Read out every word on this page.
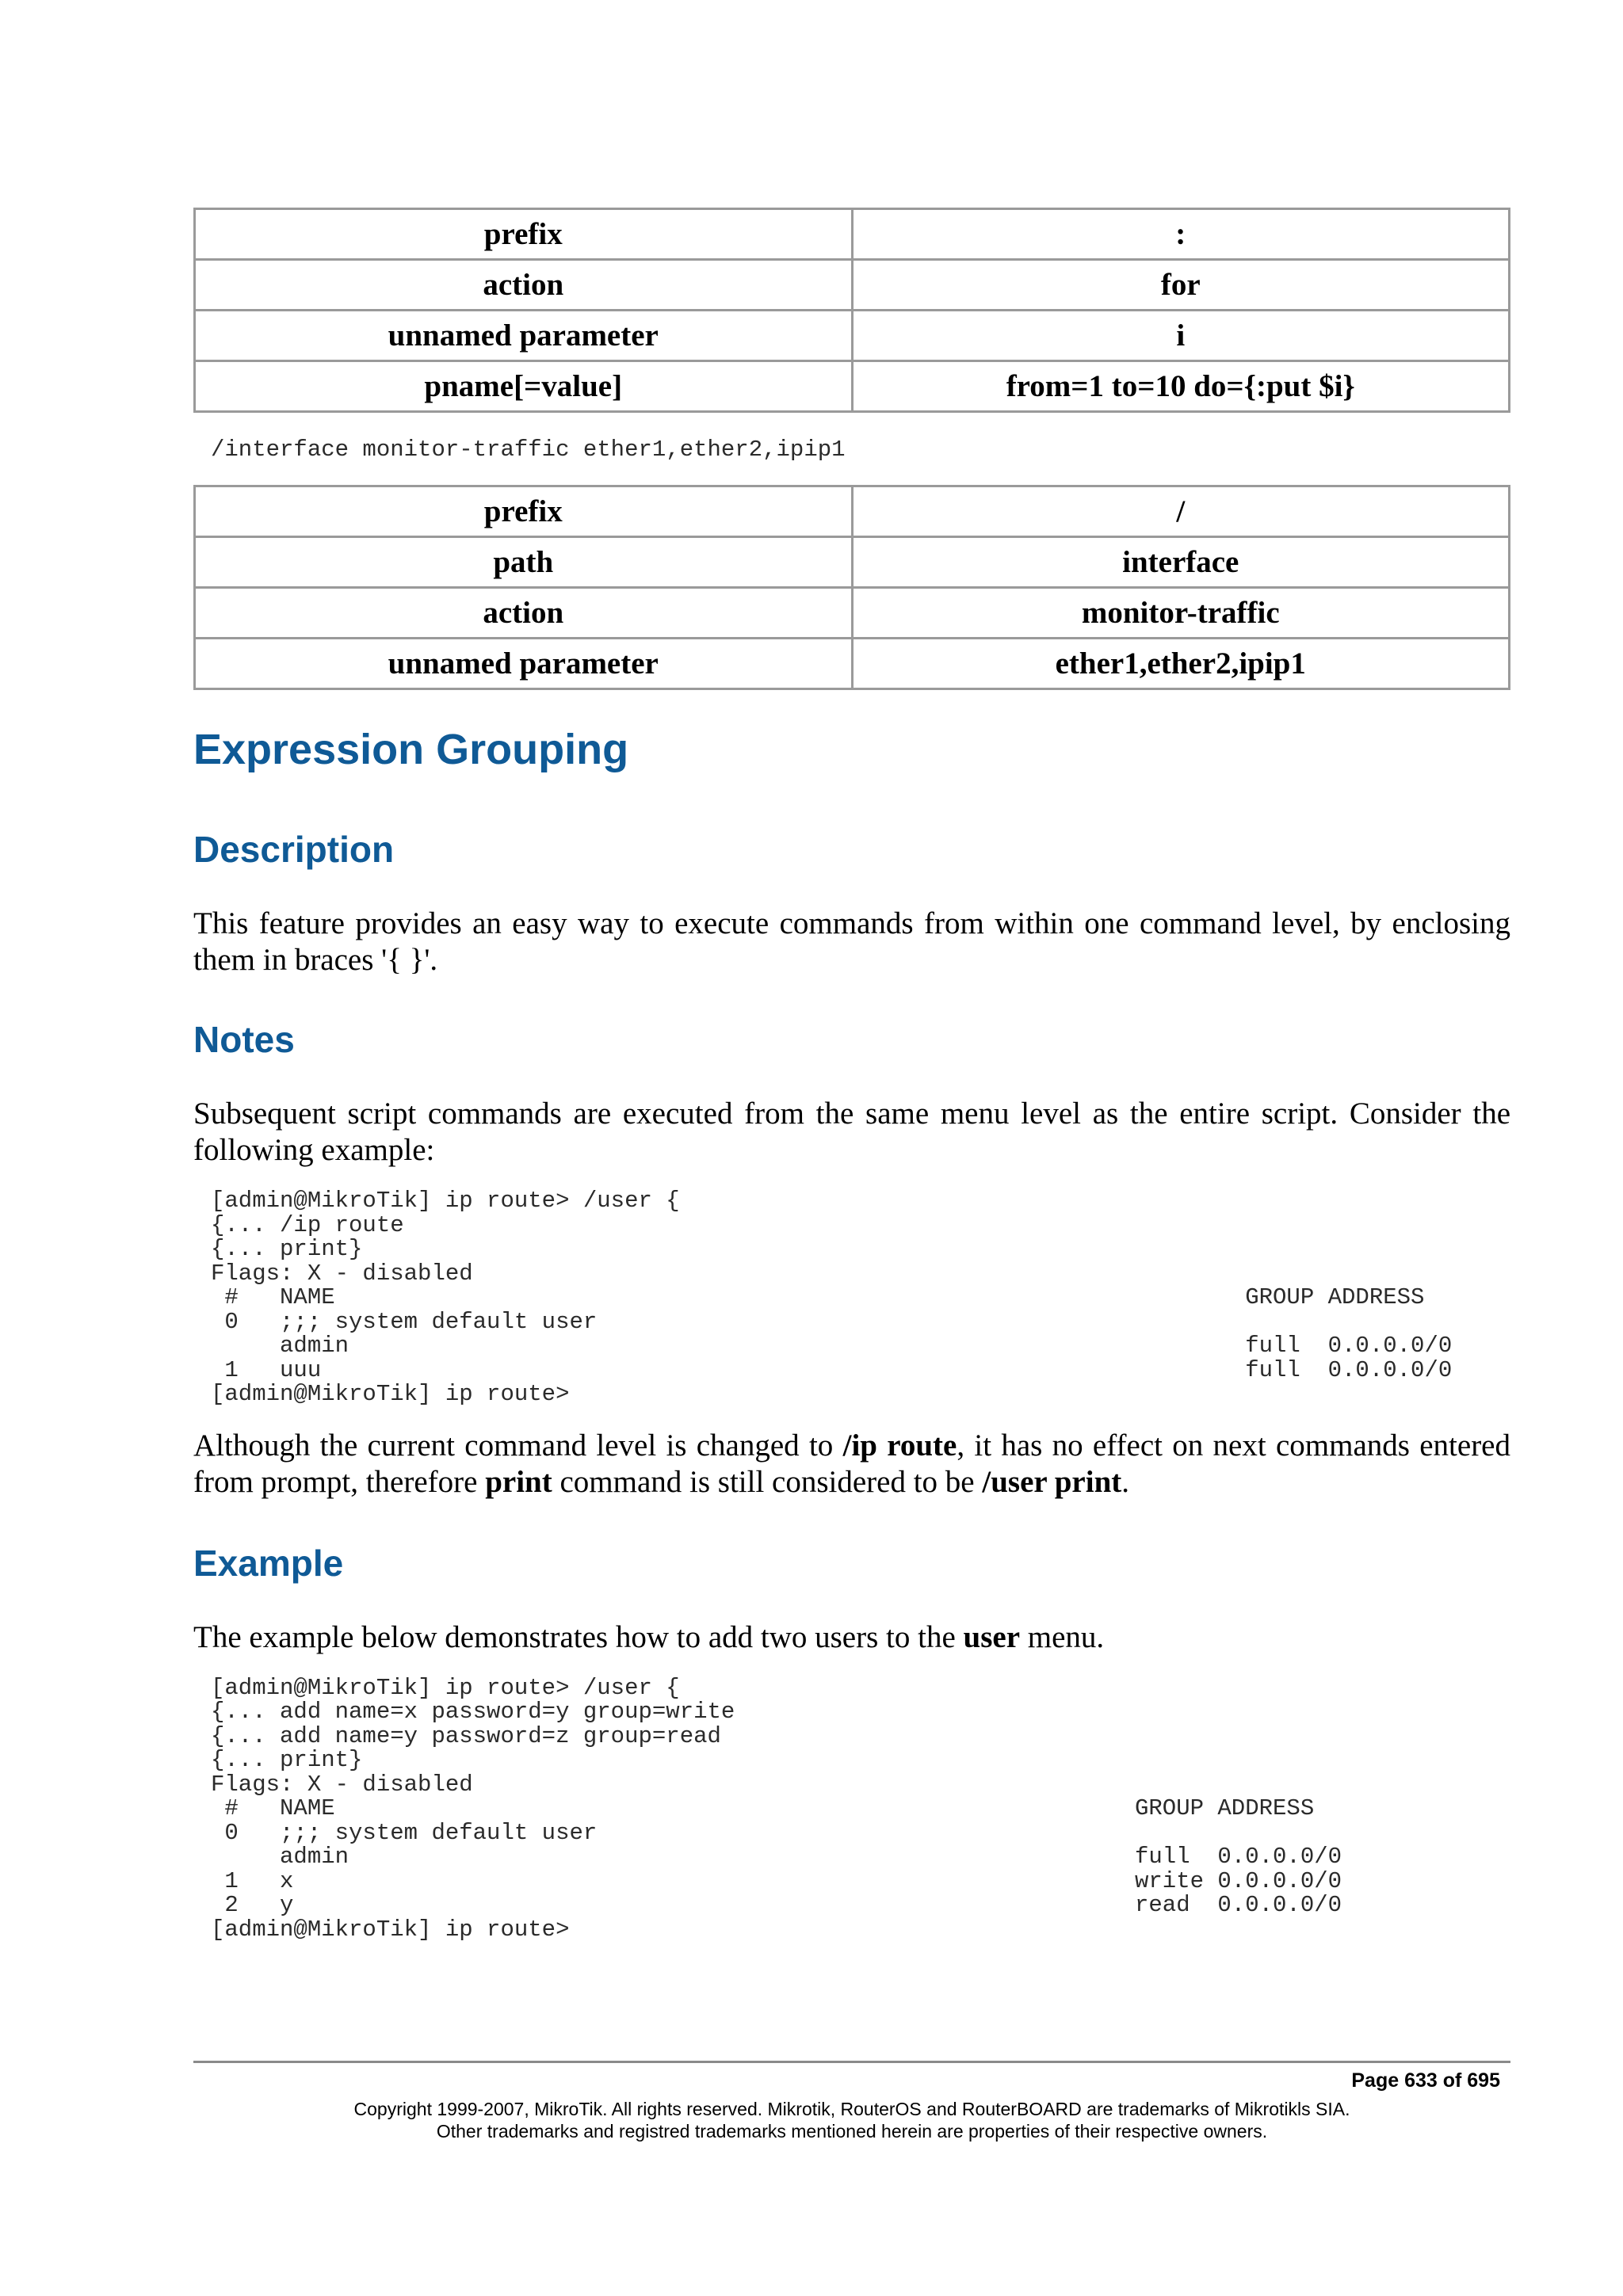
prefix	:
action	for
unnamed parameter	i
pname[=value]	from=1 to=10 do={:put $i}

/interface monitor-traffic ether1,ether2,ipip1

prefix	/
path	interface
action	monitor-traffic
unnamed parameter	ether1,ether2,ipip1
Expression Grouping
Description

This feature provides an easy way to execute commands from within one command level, by enclosing them in braces '{ }'.

Notes

Subsequent script commands are executed from the same menu level as the entire script. Consider the following example:

[admin@MikroTik] ip route> /user {
{... /ip route
{... print}
Flags: X - disabled
#   NAME                                                                  GROUP ADDRESS
0   ;;; system default user
admin                                                                 full  0.0.0.0/0
1   uuu                                                                   full  0.0.0.0/0
[admin@MikroTik] ip route>

Although the current command level is changed to /ip route, it has no effect on next commands entered from prompt, therefore print command is still considered to be /user print.

Example

The example below demonstrates how to add two users to the user menu.

[admin@MikroTik] ip route> /user {
{... add name=x password=y group=write
{... add name=y password=z group=read
{... print}
Flags: X - disabled
#   NAME                                                          GROUP ADDRESS
0   ;;; system default user
admin                                                         full  0.0.0.0/0
1   x                                                             write 0.0.0.0/0
2   y                                                             read  0.0.0.0/0
[admin@MikroTik] ip route>
Page 633 of 695
Copyright 1999-2007, MikroTik. All rights reserved. Mikrotik, RouterOS and RouterBOARD are trademarks of Mikrotikls SIA.
Other trademarks and registred trademarks mentioned herein are properties of their respective owners.
